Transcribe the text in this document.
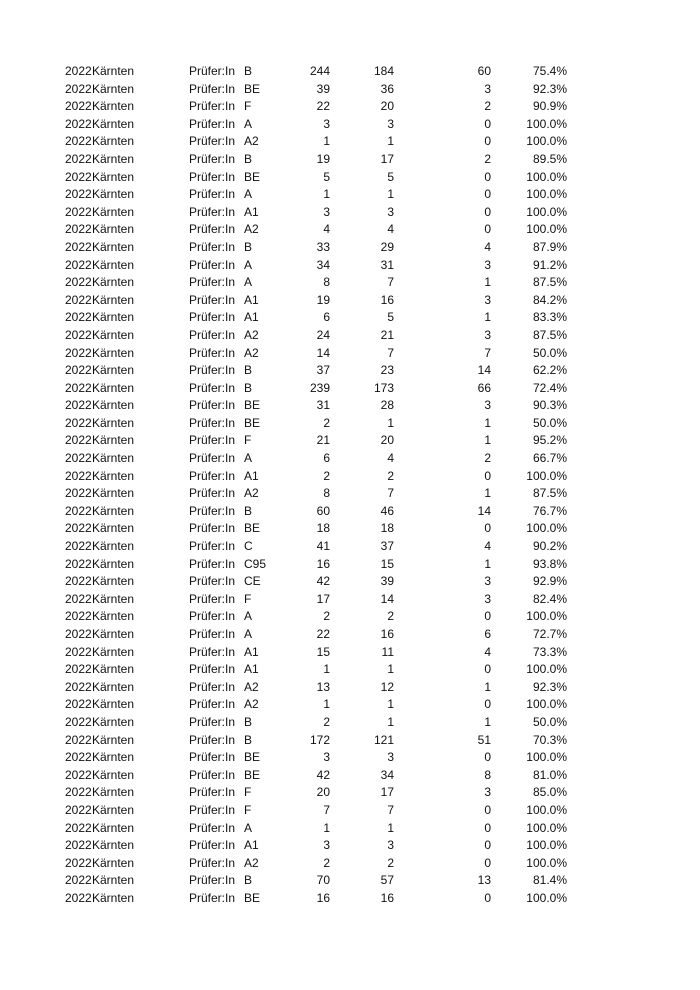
2022 Kärnten	Prüfer:In B	244	184	60	75.4%
2022 Kärnten	Prüfer:In BE	39	36	3	92.3%
2022 Kärnten	Prüfer:In F	22	20	2	90.9%
2022 Kärnten	Prüfer:In A	3	3	0	100.0%
2022 Kärnten	Prüfer:In A2	1	1	0	100.0%
2022 Kärnten	Prüfer:In B	19	17	2	89.5%
2022 Kärnten	Prüfer:In BE	5	5	0	100.0%
2022 Kärnten	Prüfer:In A	1	1	0	100.0%
2022 Kärnten	Prüfer:In A1	3	3	0	100.0%
2022 Kärnten	Prüfer:In A2	4	4	0	100.0%
2022 Kärnten	Prüfer:In B	33	29	4	87.9%
2022 Kärnten	Prüfer:In A	34	31	3	91.2%
2022 Kärnten	Prüfer:In A	8	7	1	87.5%
2022 Kärnten	Prüfer:In A1	19	16	3	84.2%
2022 Kärnten	Prüfer:In A1	6	5	1	83.3%
2022 Kärnten	Prüfer:In A2	24	21	3	87.5%
2022 Kärnten	Prüfer:In A2	14	7	7	50.0%
2022 Kärnten	Prüfer:In B	37	23	14	62.2%
2022 Kärnten	Prüfer:In B	239	173	66	72.4%
2022 Kärnten	Prüfer:In BE	31	28	3	90.3%
2022 Kärnten	Prüfer:In BE	2	1	1	50.0%
2022 Kärnten	Prüfer:In F	21	20	1	95.2%
2022 Kärnten	Prüfer:In A	6	4	2	66.7%
2022 Kärnten	Prüfer:In A1	2	2	0	100.0%
2022 Kärnten	Prüfer:In A2	8	7	1	87.5%
2022 Kärnten	Prüfer:In B	60	46	14	76.7%
2022 Kärnten	Prüfer:In BE	18	18	0	100.0%
2022 Kärnten	Prüfer:In C	41	37	4	90.2%
2022 Kärnten	Prüfer:In C95	16	15	1	93.8%
2022 Kärnten	Prüfer:In CE	42	39	3	92.9%
2022 Kärnten	Prüfer:In F	17	14	3	82.4%
2022 Kärnten	Prüfer:In A	2	2	0	100.0%
2022 Kärnten	Prüfer:In A	22	16	6	72.7%
2022 Kärnten	Prüfer:In A1	15	11	4	73.3%
2022 Kärnten	Prüfer:In A1	1	1	0	100.0%
2022 Kärnten	Prüfer:In A2	13	12	1	92.3%
2022 Kärnten	Prüfer:In A2	1	1	0	100.0%
2022 Kärnten	Prüfer:In B	2	1	1	50.0%
2022 Kärnten	Prüfer:In B	172	121	51	70.3%
2022 Kärnten	Prüfer:In BE	3	3	0	100.0%
2022 Kärnten	Prüfer:In BE	42	34	8	81.0%
2022 Kärnten	Prüfer:In F	20	17	3	85.0%
2022 Kärnten	Prüfer:In F	7	7	0	100.0%
2022 Kärnten	Prüfer:In A	1	1	0	100.0%
2022 Kärnten	Prüfer:In A1	3	3	0	100.0%
2022 Kärnten	Prüfer:In A2	2	2	0	100.0%
2022 Kärnten	Prüfer:In B	70	57	13	81.4%
2022 Kärnten	Prüfer:In BE	16	16	0	100.0%
